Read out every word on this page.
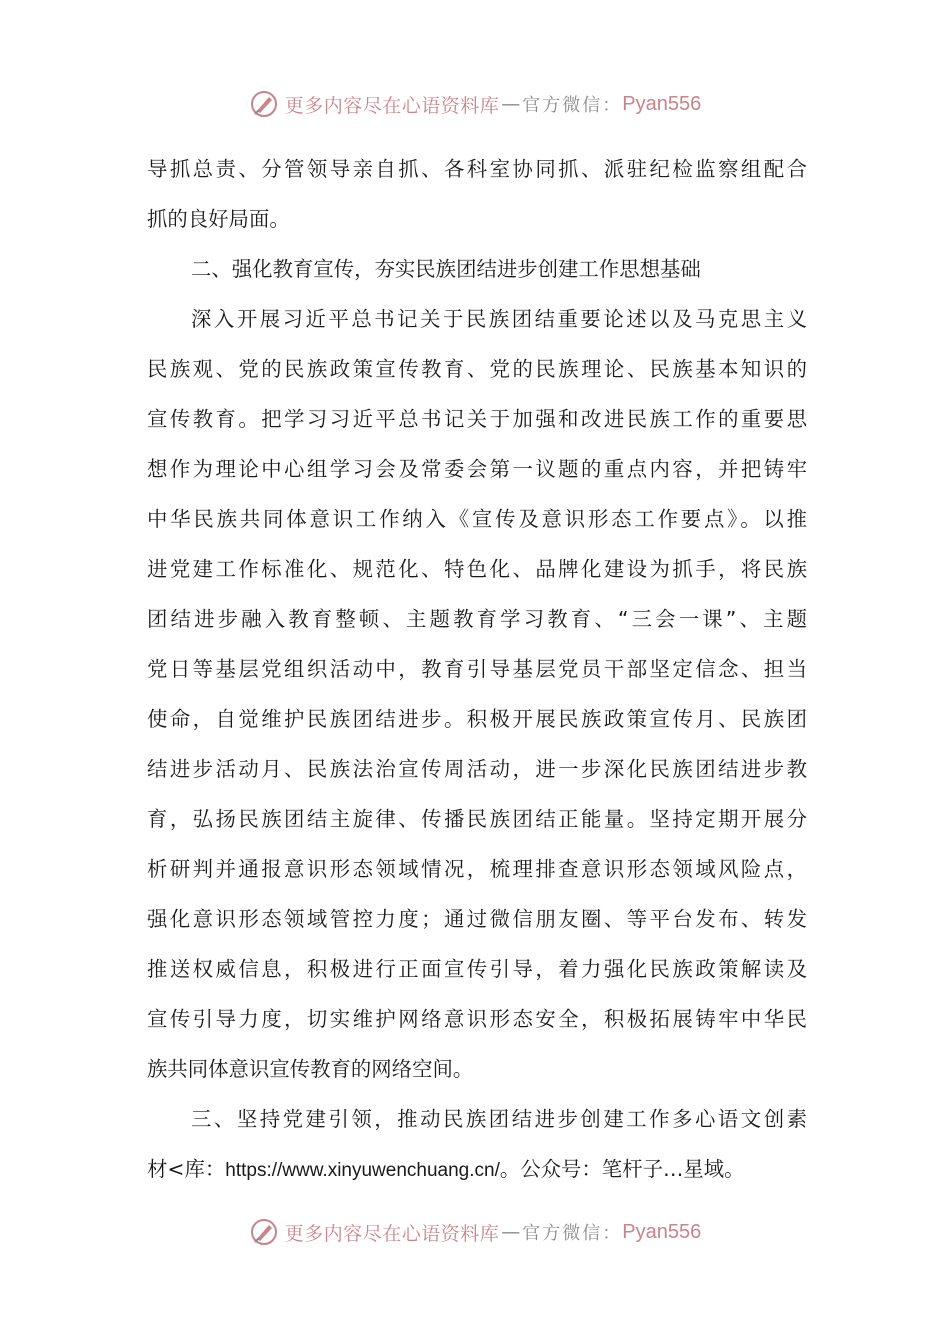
更多内容尽在心语资料库 — 官方微信： Pyan556
导抓总责、分管领导亲自抓、各科室协同抓、派驻纪检监察组配合
抓的良好局面。
二、强化教育宣传，夯实民族团结进步创建工作思想基础
深入开展习近平总书记关于民族团结重要论述以及马克思主义
民族观、党的民族政策宣传教育、党的民族理论、民族基本知识的
宣传教育。把学习习近平总书记关于加强和改进民族工作的重要思
想作为理论中心组学习会及常委会第一议题的重点内容，并把铸牢
中华民族共同体意识工作纳入《宣传及意识形态工作要点》。以推
进党建工作标准化、规范化、特色化、品牌化建设为抓手，将民族
团结进步融入教育整顿、主题教育学习教育、“三会一课”、主题
党日等基层党组织活动中，教育引导基层党员干部坚定信念、担当
使命，自觉维护民族团结进步。积极开展民族政策宣传月、民族团
结进步活动月、民族法治宣传周活动，进一步深化民族团结进步教
育，弘扬民族团结主旋律、传播民族团结正能量。坚持定期开展分
析研判并通报意识形态领域情况，梳理排查意识形态领域风险点，
强化意识形态领域管控力度；通过微信朋友圈、等平台发布、转发
推送权威信息，积极进行正面宣传引导，着力强化民族政策解读及
宣传引导力度，切实维护网络意识形态安全，积极拓展铸牢中华民
族共同体意识宣传教育的网络空间。
三、坚持党建引领，推动民族团结进步创建工作多心语文创素
材<库：https://www.xinyuwenchuang.cn/。公众号：笔杆子…星域。
更多内容尽在心语资料库 — 官方微信： Pyan556
